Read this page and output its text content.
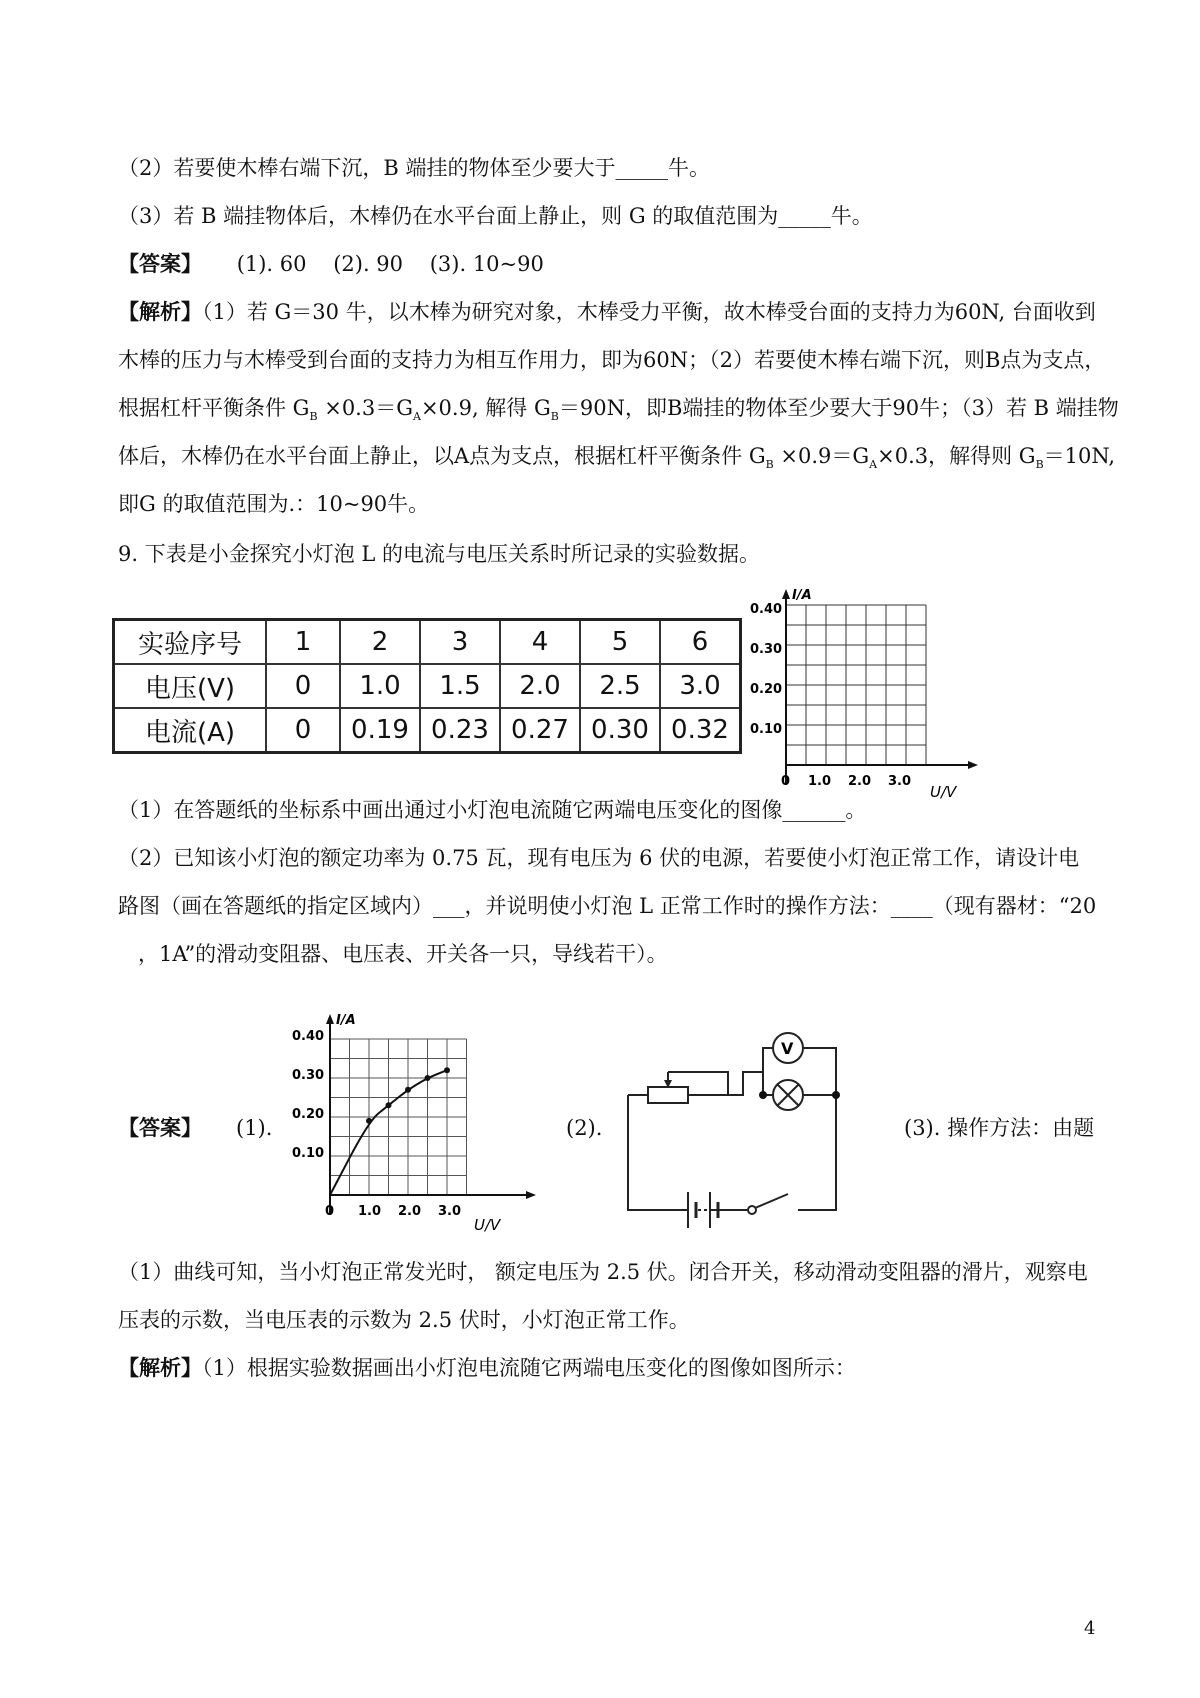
（2）若要使木棒右端下沉，B 端挂的物体至少要大于_____牛。
（3）若 B 端挂物体后，木棒仍在水平台面上静止，则 G 的取值范围为_____牛。
【答案】 (1). 60    (2). 90    (3). 10~90
【解析】（1）若 G＝30 牛，以木棒为研究对象，木棒受力平衡，故木棒受台面的支持力为60N, 台面收到
木棒的压力与木棒受到台面的支持力为相互作用力，即为60N；（2）若要使木棒右端下沉，则B点为支点，
根据杠杆平衡条件 $G_B \times 0.3=G_A\times 0.9$, 解得 $G_B=90N$，即B端挂的物体至少要大于90牛；（3）若 B 端挂物
体后，木棒仍在水平台面上静止，以A点为支点，根据杠杆平衡条件 $G_B \times 0.9=G_A\times 0.3$，解得则 $G_B=10N$,
即G 的取值范围为.：10~90牛。
9. 下表是小金探究小灯泡 L 的电流与电压关系时所记录的实验数据。
实验序号	1	2	3	4	5	6
电压(V)	0	1.0	1.5	2.0	2.5	3.0
电流(A)	0	0.19	0.23	0.27	0.30	0.32
I/A
U/V
0.40
0.30
0.20
0.10
0 1.0 2.0 3.0
（1）在答题纸的坐标系中画出通过小灯泡电流随它两端电压变化的图像______。
（2）已知该小灯泡的额定功率为 0.75 瓦，现有电压为 6 伏的电源，若要使小灯泡正常工作，请设计电
路图（画在答题纸的指定区域内）___，并说明使小灯泡 L 正常工作时的操作方法：____（现有器材：“20
，1A”的滑动变阻器、电压表、开关各一只，导线若干）。
【答案】 (1).	(2).	(3). 操作方法：由题
I/A
U/V
0.40
0.30
0.20
0.10
0 1.0 2.0 3.0
V
（1）曲线可知，当小灯泡正常发光时， 额定电压为 2.5 伏。闭合开关，移动滑动变阻器的滑片，观察电
压表的示数，当电压表的示数为 2.5 伏时，小灯泡正常工作。
【解析】（1）根据实验数据画出小灯泡电流随它两端电压变化的图像如图所示：
4
